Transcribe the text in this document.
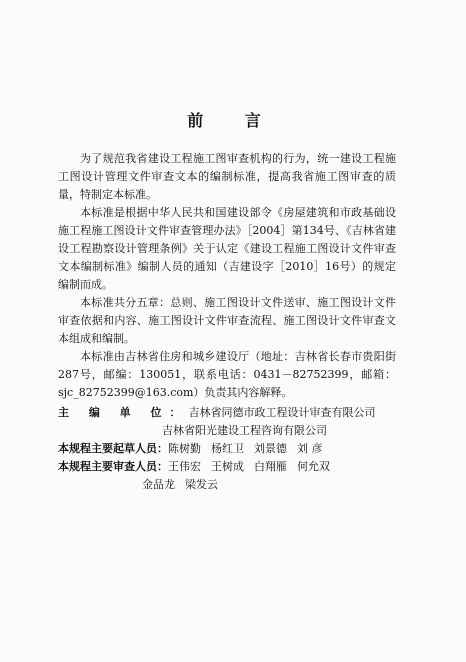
前 言

为了规范我省建设工程施工图审查机构的行为，统一建设工程施工图设计管理文件审查文本的编制标准，提高我省施工图审查的质量，特制定本标准。

本标准是根据中华人民共和国建设部令《房屋建筑和市政基础设施工程施工图设计文件审查管理办法》［2004］第134号、《吉林省建设工程勘察设计管理条例》关于认定《建设工程施工图设计文件审查文本编制标准》编制人员的通知（吉建设字［2010］16号）的规定编制而成。

本标准共分五章：总则、施工图设计文件送审、施工图设计文件审查依据和内容、施工图设计文件审查流程、施工图设计文件审查文本组成和编制。

本标准由吉林省住房和城乡建设厅（地址：吉林省长春市贵阳街287号，邮编：130051，联系电话：0431－82752399，邮箱：sjc_82752399@163.com）负责其内容解释。

主 编 单 位： 吉林省同德市政工程设计审查有限公司
吉林省阳光建设工程咨询有限公司
本规程主要起草人员： 陈树勤 杨红卫 刘景德 刘 彦
本规程主要审查人员： 王伟宏 王树成 白翔雁 何允双
金品龙 梁发云
